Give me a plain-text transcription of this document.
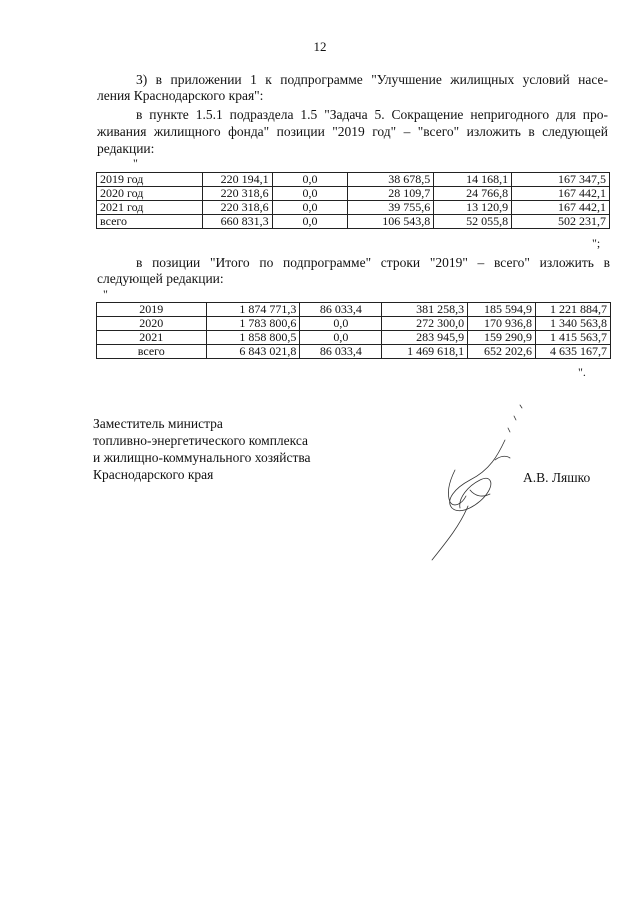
12
3) в приложении 1 к подпрограмме "Улучшение жилищных условий насе-
ления Краснодарского края":
в пункте 1.5.1 подраздела 1.5 "Задача 5. Сокращение непригодного для про-
живания жилищного фонда" позиции "2019 год" – "всего" изложить в следующей
редакции:
"
2019 год	220 194,1	0,0	38 678,5	14 168,1	167 347,5
2020 год	220 318,6	0,0	28 109,7	24 766,8	167 442,1
2021 год	220 318,6	0,0	39 755,6	13 120,9	167 442,1
всего	660 831,3	0,0	106 543,8	52 055,8	502 231,7
";
в позиции "Итого по подпрограмме" строки "2019" – всего" изложить в
следующей редакции:
"
2019	1 874 771,3	86 033,4	381 258,3	185 594,9	1 221 884,7
2020	1 783 800,6	0,0	272 300,0	170 936,8	1 340 563,8
2021	1 858 800,5	0,0	283 945,9	159 290,9	1 415 563,7
всего	6 843 021,8	86 033,4	1 469 618,1	652 202,6	4 635 167,7
".
Заместитель министра
топливно-энергетического комплекса
и жилищно-коммунального хозяйства
Краснодарского края	А.В. Ляшко
